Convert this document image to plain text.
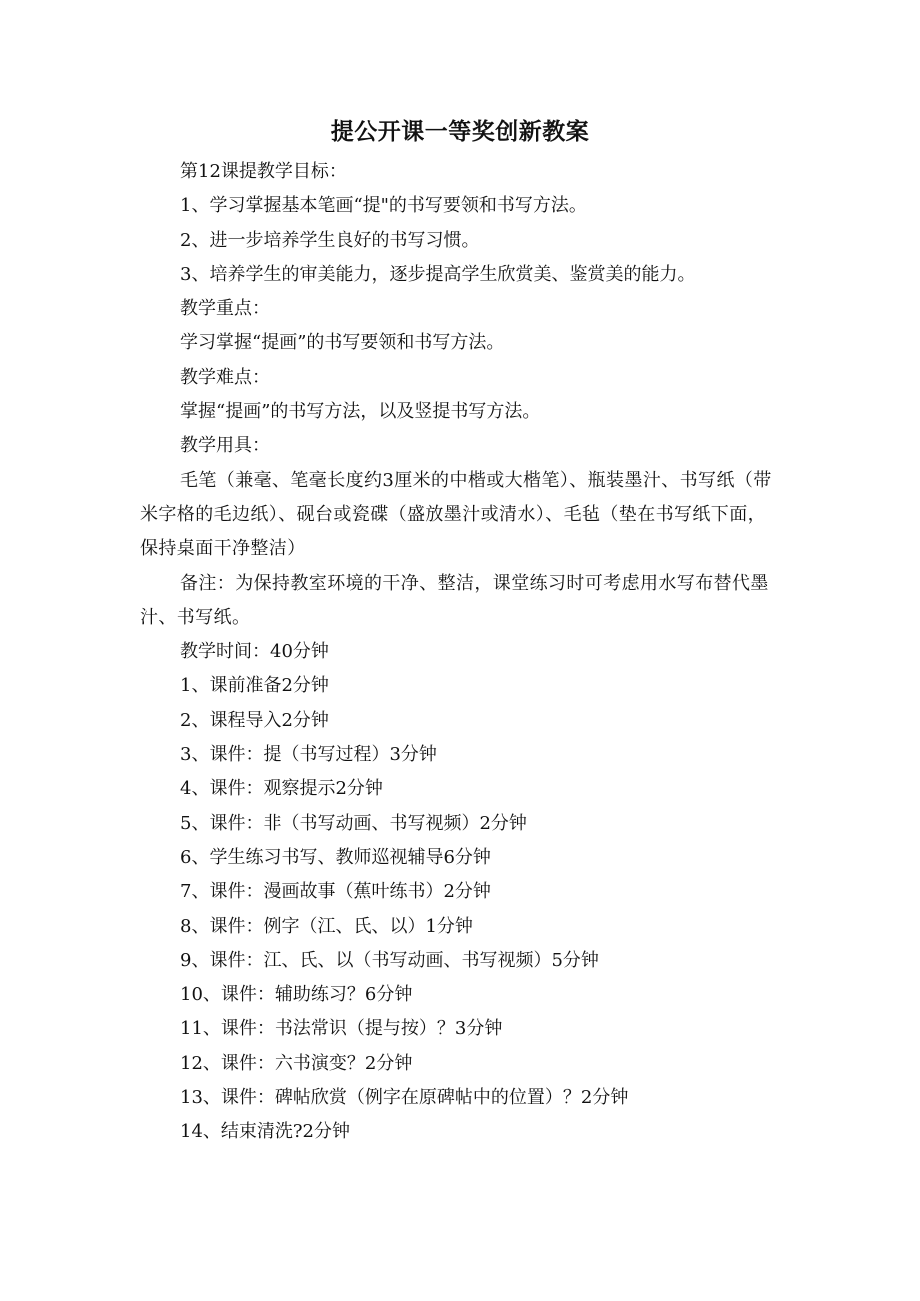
提公开课一等奖创新教案

第12课提教学目标：

1、学习掌握基本笔画“提"的书写要领和书写方法。

2、进一步培养学生良好的书写习惯。

3、培养学生的审美能力，逐步提高学生欣赏美、鉴赏美的能力。

教学重点：

学习掌握“提画”的书写要领和书写方法。

教学难点：

掌握“提画”的书写方法，以及竖提书写方法。

教学用具：

毛笔（兼毫、笔毫长度约3厘米的中楷或大楷笔）、瓶装墨汁、书写纸（带米字格的毛边纸）、砚台或瓷碟（盛放墨汁或清水）、毛毡（垫在书写纸下面，保持桌面干净整洁）

备注：为保持教室环境的干净、整洁，课堂练习时可考虑用水写布替代墨汁、书写纸。

教学时间：40分钟

1、课前准备2分钟

2、课程导入2分钟

3、课件：提（书写过程）3分钟

4、课件：观察提示2分钟

5、课件：非（书写动画、书写视频）2分钟

6、学生练习书写、教师巡视辅导6分钟

7、课件：漫画故事（蕉叶练书）2分钟

8、课件：例字（江、氏、以）1分钟

9、课件：江、氏、以（书写动画、书写视频）5分钟

10、课件：辅助练习？6分钟

11、课件：书法常识（提与按）？3分钟

12、课件：六书演变？2分钟

13、课件：碑帖欣赏（例字在原碑帖中的位置）？2分钟

14、结束清洗?2分钟
